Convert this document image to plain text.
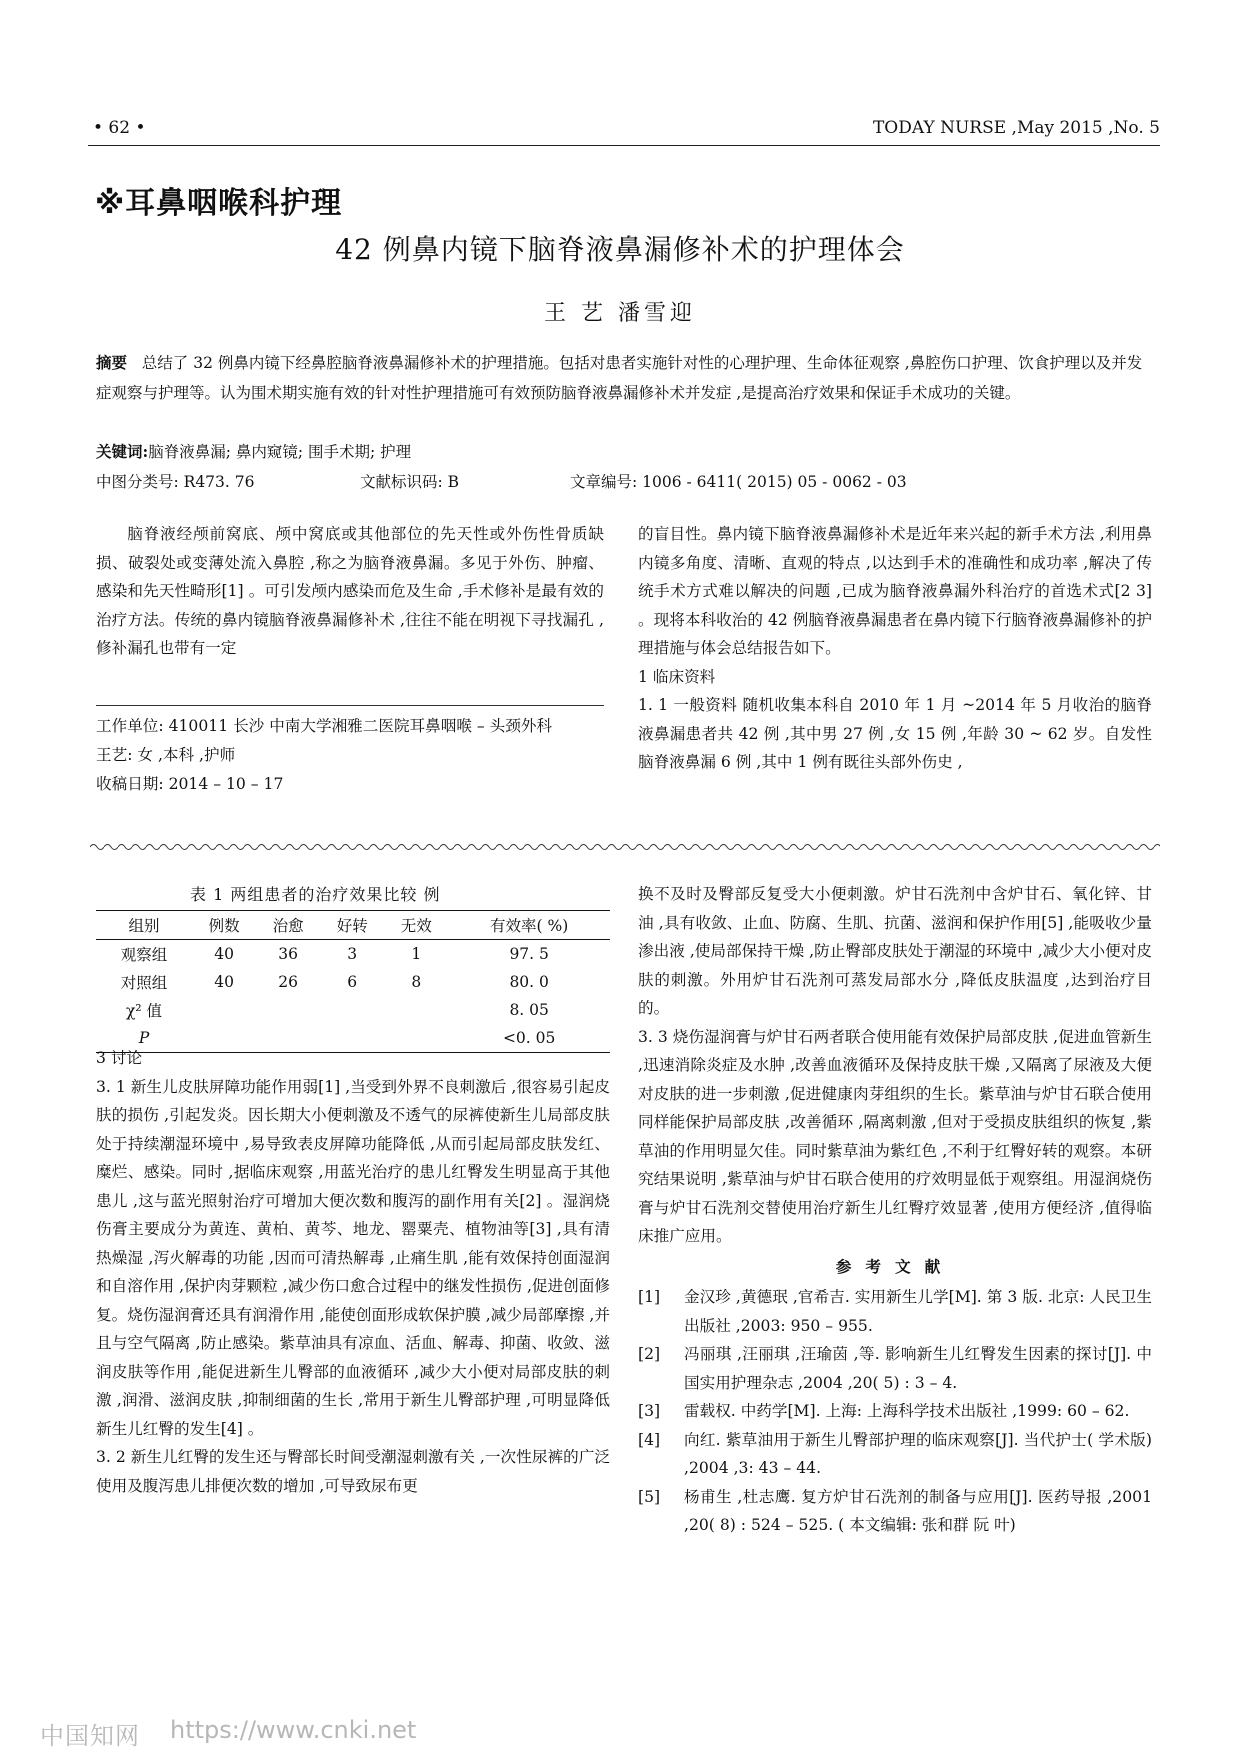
• 62 •	TODAY NURSE ,May 2015 ,No. 5
※耳鼻咽喉科护理
42 例鼻内镜下脑脊液鼻漏修补术的护理体会
王 艺 潘雪迎
摘要 总结了 32 例鼻内镜下经鼻腔脑脊液鼻漏修补术的护理措施。包括对患者实施针对性的心理护理、生命体征观察 ,鼻腔伤口护理、饮食护理以及并发症观察与护理等。认为围术期实施有效的针对性护理措施可有效预防脑脊液鼻漏修补术并发症 ,是提高治疗效果和保证手术成功的关键。
关键词:脑脊液鼻漏; 鼻内窥镜; 围手术期; 护理
中图分类号: R473. 76	文献标识码: B	文章编号: 1006 - 6411( 2015) 05 - 0062 - 03

脑脊液经颅前窝底、颅中窝底或其他部位的先天性或外伤性骨质缺损、破裂处或变薄处流入鼻腔 ,称之为脑脊液鼻漏。多见于外伤、肿瘤、感染和先天性畸形[1] 。可引发颅内感染而危及生命 ,手术修补是最有效的治疗方法。传统的鼻内镜脑脊液鼻漏修补术 ,往往不能在明视下寻找漏孔 ,修补漏孔也带有一定

的盲目性。鼻内镜下脑脊液鼻漏修补术是近年来兴起的新手术方法 ,利用鼻内镜多角度、清晰、直观的特点 ,以达到手术的准确性和成功率 ,解决了传统手术方式难以解决的问题 ,已成为脑脊液鼻漏外科治疗的首选术式[2 3] 。现将本科收治的 42 例脑脊液鼻漏患者在鼻内镜下行脑脊液鼻漏修补的护理措施与体会总结报告如下。

1 临床资料

1. 1 一般资料 随机收集本科自 2010 年 1 月 ~2014 年 5 月收治的脑脊液鼻漏患者共 42 例 ,其中男 27 例 ,女 15 例 ,年龄 30 ~ 62 岁。自发性脑脊液鼻漏 6 例 ,其中 1 例有既往头部外伤史 ,

工作单位: 410011 长沙 中南大学湘雅二医院耳鼻咽喉 – 头颈外科
王艺: 女 ,本科 ,护师
收稿日期: 2014 – 10 – 17
表 1 两组患者的治疗效果比较 例
组别	例数	治愈	好转	无效	有效率( %)
观察组	40	36	3	1	97. 5
对照组	40	26	6	8	80. 0
χ² 值					8. 05
P					<0. 05

3 讨论

3. 1 新生儿皮肤屏障功能作用弱[1] ,当受到外界不良刺激后 ,很容易引起皮肤的损伤 ,引起发炎。因长期大小便刺激及不透气的尿裤使新生儿局部皮肤处于持续潮湿环境中 ,易导致表皮屏障功能降低 ,从而引起局部皮肤发红、糜烂、感染。同时 ,据临床观察 ,用蓝光治疗的患儿红臀发生明显高于其他患儿 ,这与蓝光照射治疗可增加大便次数和腹泻的副作用有关[2] 。湿润烧伤膏主要成分为黄连、黄柏、黄芩、地龙、罂粟壳、植物油等[3] ,具有清热燥湿 ,泻火解毒的功能 ,因而可清热解毒 ,止痛生肌 ,能有效保持创面湿润和自溶作用 ,保护肉芽颗粒 ,减少伤口愈合过程中的继发性损伤 ,促进创面修复。烧伤湿润膏还具有润滑作用 ,能使创面形成软保护膜 ,减少局部摩擦 ,并且与空气隔离 ,防止感染。紫草油具有凉血、活血、解毒、抑菌、收敛、滋润皮肤等作用 ,能促进新生儿臀部的血液循环 ,减少大小便对局部皮肤的刺激 ,润滑、滋润皮肤 ,抑制细菌的生长 ,常用于新生儿臀部护理 ,可明显降低新生儿红臀的发生[4] 。

3. 2 新生儿红臀的发生还与臀部长时间受潮湿刺激有关 ,一次性尿裤的广泛使用及腹泻患儿排便次数的增加 ,可导致尿布更

换不及时及臀部反复受大小便刺激。炉甘石洗剂中含炉甘石、氧化锌、甘油 ,具有收敛、止血、防腐、生肌、抗菌、滋润和保护作用[5] ,能吸收少量渗出液 ,使局部保持干燥 ,防止臀部皮肤处于潮湿的环境中 ,减少大小便对皮肤的刺激。外用炉甘石洗剂可蒸发局部水分 ,降低皮肤温度 ,达到治疗目的。

3. 3 烧伤湿润膏与炉甘石两者联合使用能有效保护局部皮肤 ,促进血管新生 ,迅速消除炎症及水肿 ,改善血液循环及保持皮肤干燥 ,又隔离了尿液及大便对皮肤的进一步刺激 ,促进健康肉芽组织的生长。紫草油与炉甘石联合使用同样能保护局部皮肤 ,改善循环 ,隔离刺激 ,但对于受损皮肤组织的恢复 ,紫草油的作用明显欠佳。同时紫草油为紫红色 ,不利于红臀好转的观察。本研究结果说明 ,紫草油与炉甘石联合使用的疗效明显低于观察组。用湿润烧伤膏与炉甘石洗剂交替使用治疗新生儿红臀疗效显著 ,使用方便经济 ,值得临床推广应用。

参考文献
[1]	金汉珍 ,黄德珉 ,官希吉. 实用新生儿学[M]. 第 3 版. 北京: 人民卫生出版社 ,2003: 950 – 955.
[2]	冯丽琪 ,汪丽琪 ,汪瑜茵 ,等. 影响新生儿红臀发生因素的探讨[J]. 中国实用护理杂志 ,2004 ,20( 5) : 3 – 4.
[3]	雷载权. 中药学[M]. 上海: 上海科学技术出版社 ,1999: 60 – 62.
[4]	向红. 紫草油用于新生儿臀部护理的临床观察[J]. 当代护士( 学术版) ,2004 ,3: 43 – 44.
[5]	杨甫生 ,杜志鹰. 复方炉甘石洗剂的制备与应用[J]. 医药导报 ,2001 ,20( 8) : 524 – 525. ( 本文编辑: 张和群 阮 叶)
中国知网 https://www.cnki.net
